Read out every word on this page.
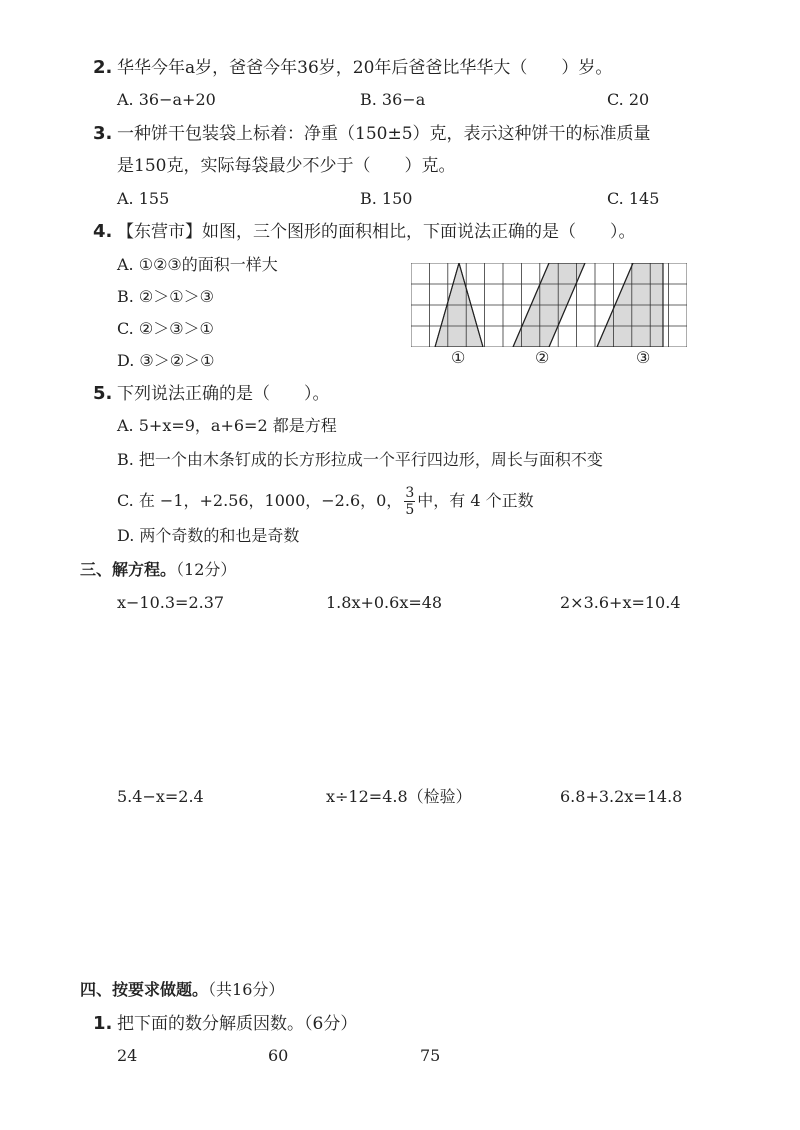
2. 华华今年a岁，爸爸今年36岁，20年后爸爸比华华大（　　）岁。
A. 36−a+20	B. 36−a	C. 20
3. 一种饼干包装袋上标着：净重（150±5）克，表示这种饼干的标准质量
是150克，实际每袋最少不少于（　　）克。
A. 155	B. 150	C. 145
4. 【东营市】如图，三个图形的面积相比，下面说法正确的是（　　）。
A. ①②③的面积一样大
B. ②＞①＞③
C. ②＞③＞①
D. ③＞②＞①	①	②	③
5. 下列说法正确的是（　　）。
A. 5+x=9，a+6=2 都是方程
B. 把一个由木条钉成的长方形拉成一个平行四边形，周长与面积不变
C. 在 −1，+2.56，1000，−2.6，0， $\frac{3}{5}$ 中，有 4 个正数
D. 两个奇数的和也是奇数
三、解方程。（12分）
x−10.3=2.37	1.8x+0.6x=48	2×3.6+x=10.4
5.4−x=2.4	x÷12=4.8（检验）	6.8+3.2x=14.8
四、按要求做题。（共16分）
1. 把下面的数分解质因数。（6分）
24	60	75
